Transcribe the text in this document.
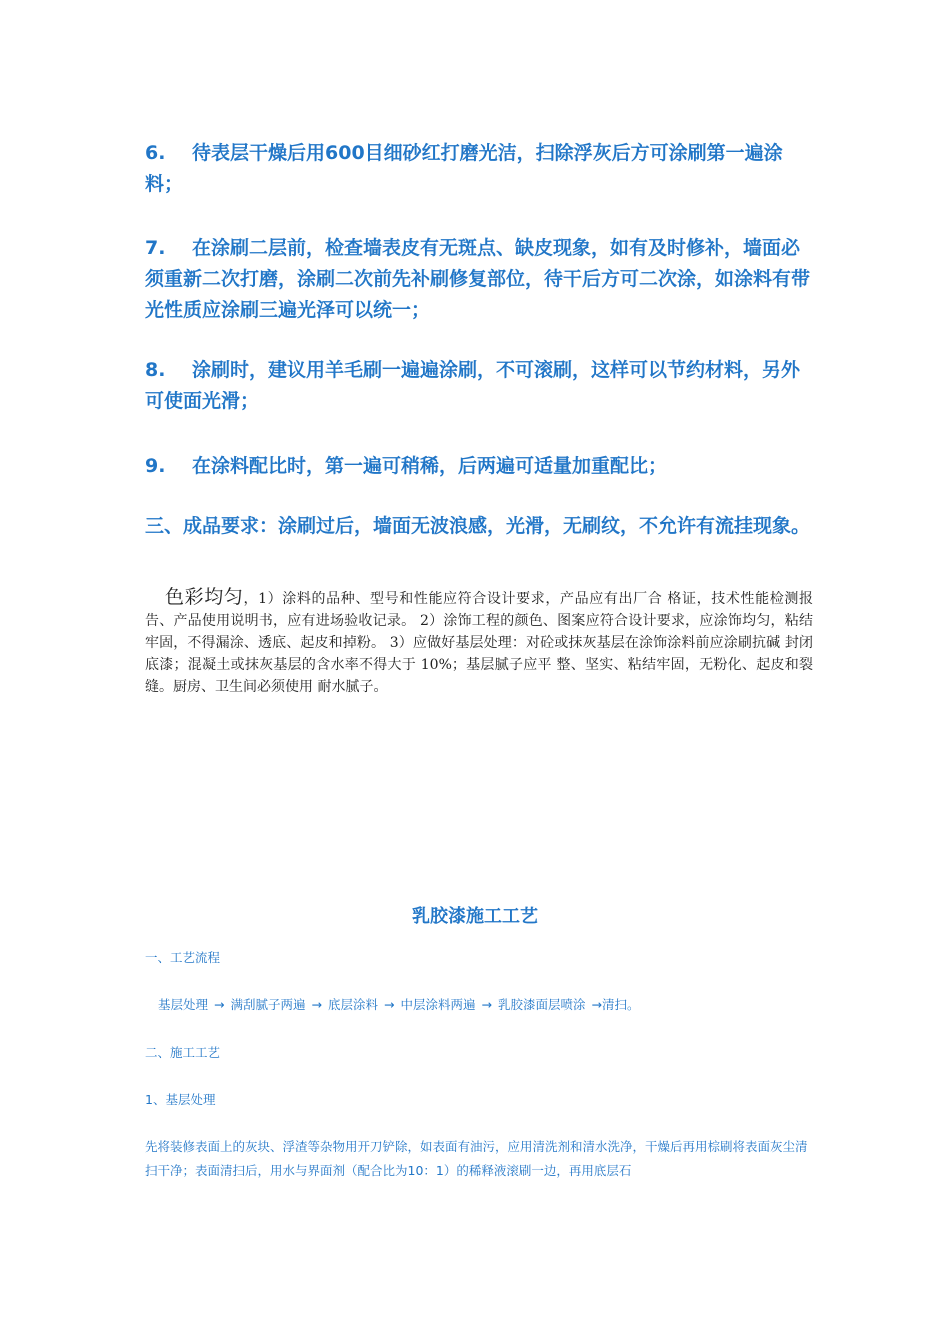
6. 待表层干燥后用600目细砂红打磨光洁，扫除浮灰后方可涂刷第一遍涂料；

7. 在涂刷二层前，检查墙表皮有无斑点、缺皮现象，如有及时修补，墙面必须重新二次打磨，涂刷二次前先补刷修复部位，待干后方可二次涂，如涂料有带光性质应涂刷三遍光泽可以统一；

8. 涂刷时，建议用羊毛刷一遍遍涂刷，不可滚刷，这样可以节约材料，另外可使面光滑；

9. 在涂料配比时，第一遍可稍稀，后两遍可适量加重配比；

三、成品要求：涂刷过后，墙面无波浪感，光滑，无刷纹，不允许有流挂现象。

色彩均匀，1）涂料的品种、型号和性能应符合设计要求，产品应有出厂合 格证，技术性能检测报告、产品使用说明书，应有进场验收记录。 2）涂饰工程的颜色、图案应符合设计要求，应涂饰均匀，粘结 牢固，不得漏涂、透底、起皮和掉粉。 3）应做好基层处理：对砼或抹灰基层在涂饰涂料前应涂刷抗碱 封闭底漆；混凝土或抹灰基层的含水率不得大于 10%；基层腻子应平 整、坚实、粘结牢固，无粉化、起皮和裂缝。厨房、卫生间必须使用 耐水腻子。

乳胶漆施工工艺

一、工艺流程

基层处理 → 满刮腻子两遍 → 底层涂料 → 中层涂料两遍 → 乳胶漆面层喷涂 →清扫。

二、施工工艺

1、基层处理

先将装修表面上的灰块、浮渣等杂物用开刀铲除，如表面有油污，应用清洗剂和清水洗净，干燥后再用棕刷将表面灰尘清扫干净；表面清扫后，用水与界面剂（配合比为10：1）的稀释液滚刷一边，再用底层石
